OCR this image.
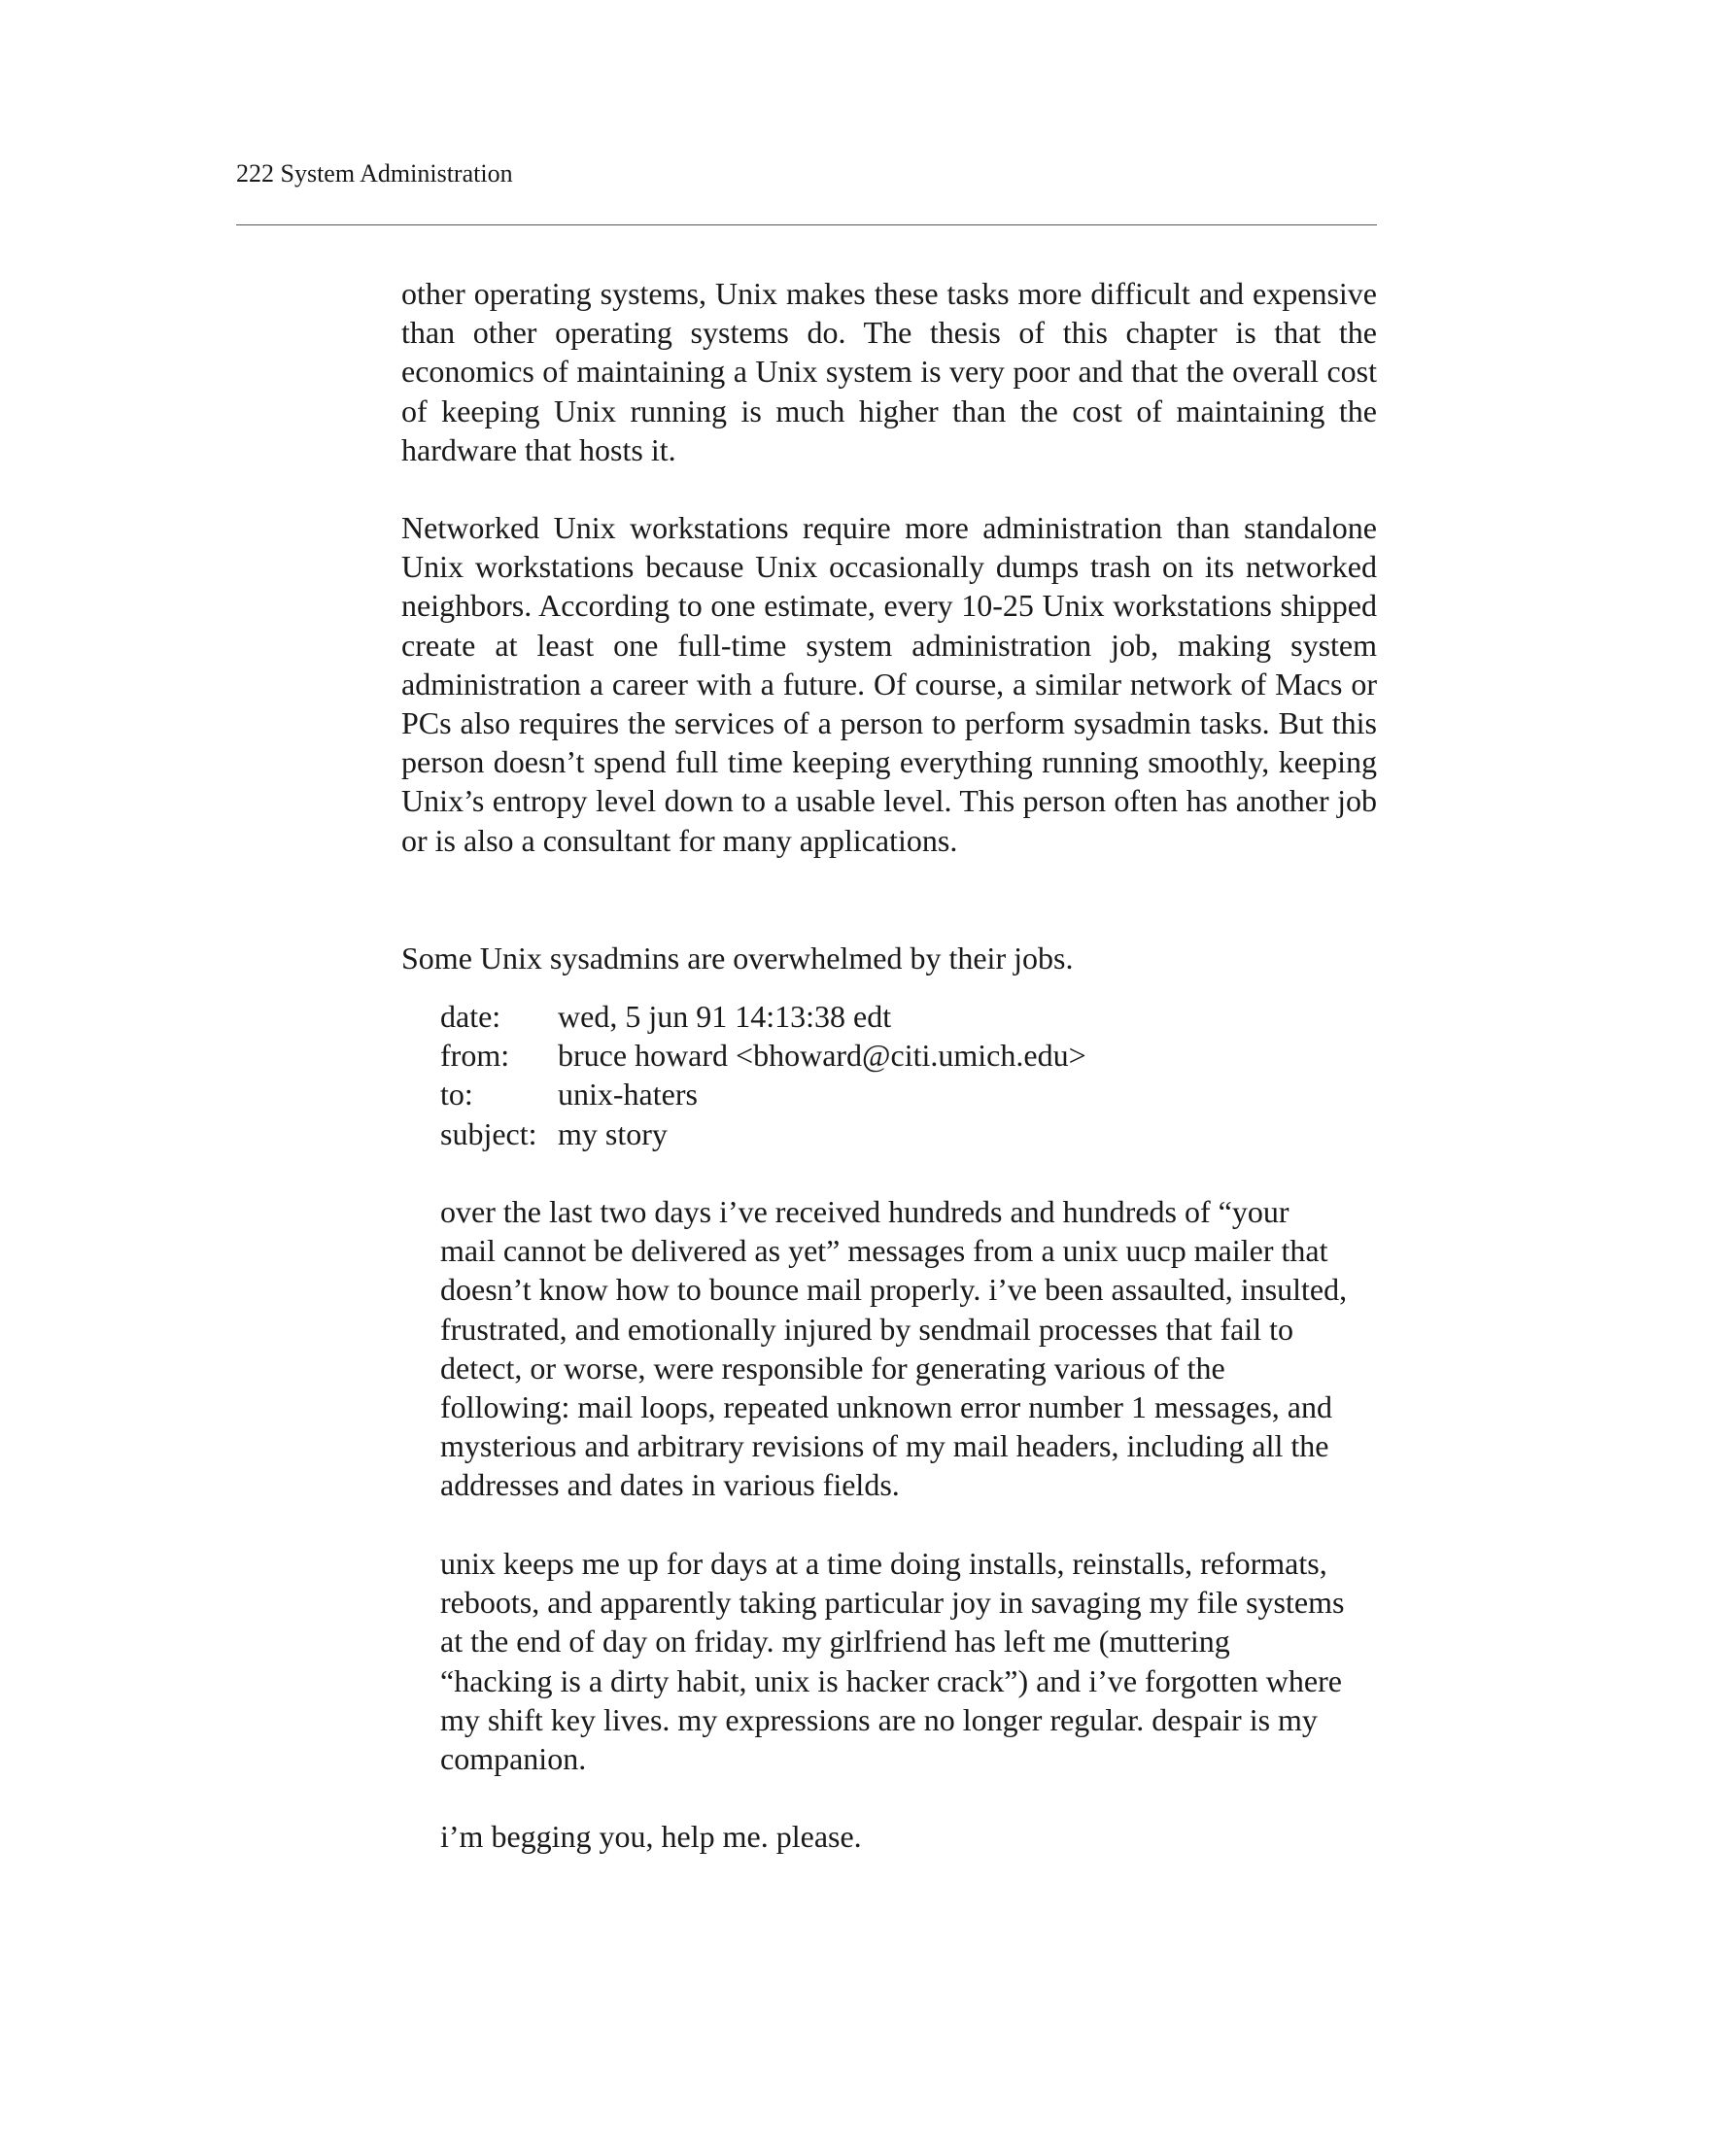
222 System Administration

other operating systems, Unix makes these tasks more difficult and expensive than other operating systems do. The thesis of this chapter is that the economics of maintaining a Unix system is very poor and that the overall cost of keeping Unix running is much higher than the cost of maintaining the hardware that hosts it.

Networked Unix workstations require more administration than standalone Unix workstations because Unix occasionally dumps trash on its networked neighbors. According to one estimate, every 10-25 Unix workstations shipped create at least one full-time system administration job, making system administration a career with a future. Of course, a similar network of Macs or PCs also requires the services of a person to perform sysadmin tasks. But this person doesn’t spend full time keeping everything running smoothly, keeping Unix’s entropy level down to a usable level. This person often has another job or is also a consultant for many applications.

Some Unix sysadmins are overwhelmed by their jobs.

date:	wed, 5 jun 91 14:13:38 edt
from:	bruce howard <bhoward@citi.umich.edu>
to:	unix-haters
subject: my story

over the last two days i’ve received hundreds and hundreds of “your mail cannot be delivered as yet” messages from a unix uucp mailer that doesn’t know how to bounce mail properly. i’ve been assaulted, insulted, frustrated, and emotionally injured by sendmail processes that fail to detect, or worse, were responsible for generating various of the following: mail loops, repeated unknown error number 1 messages, and mysterious and arbitrary revisions of my mail headers, including all the addresses and dates in various fields.

unix keeps me up for days at a time doing installs, reinstalls, reformats, reboots, and apparently taking particular joy in savaging my file systems at the end of day on friday. my girlfriend has left me (muttering “hacking is a dirty habit, unix is hacker crack”) and i’ve forgotten where my shift key lives. my expressions are no longer regular. despair is my companion.

i’m begging you, help me. please.
